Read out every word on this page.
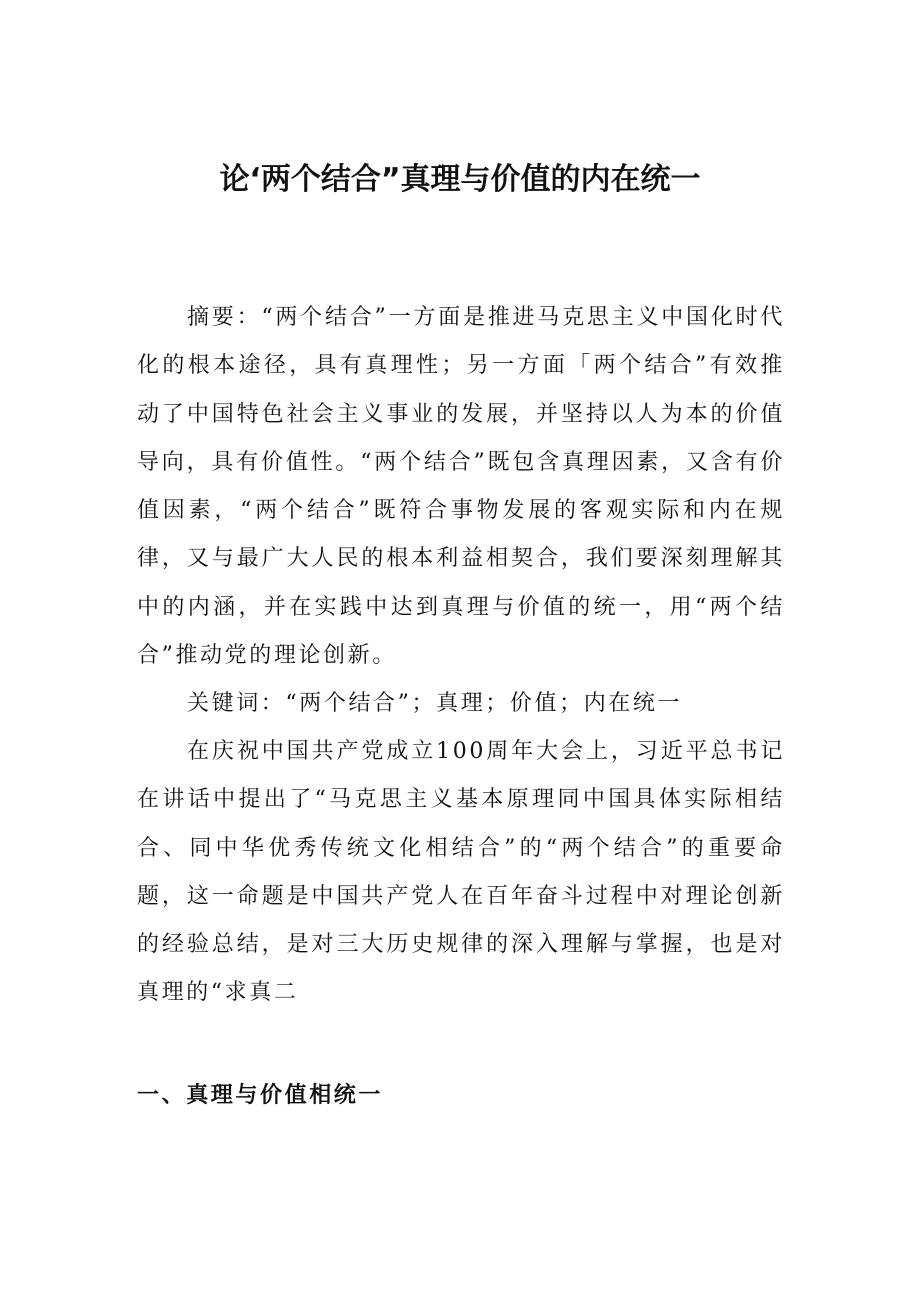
论‘两个结合”真理与价值的内在统一

摘要：“两个结合”一方面是推进马克思主义中国化时代化的根本途径，具有真理性；另一方面「两个结合”有效推动了中国特色社会主义事业的发展，并坚持以人为本的价值导向，具有价值性。“两个结合”既包含真理因素，又含有价值因素，“两个结合”既符合事物发展的客观实际和内在规律，又与最广大人民的根本利益相契合，我们要深刻理解其中的内涵，并在实践中达到真理与价值的统一，用“两个结合”推动党的理论创新。

关键词：“两个结合”；真理；价值；内在统一

在庆祝中国共产党成立100周年大会上，习近平总书记在讲话中提出了“马克思主义基本原理同中国具体实际相结合、同中华优秀传统文化相结合”的“两个结合”的重要命题，这一命题是中国共产党人在百年奋斗过程中对理论创新的经验总结，是对三大历史规律的深入理解与掌握，也是对真理的“求真二

一、真理与价值相统一
